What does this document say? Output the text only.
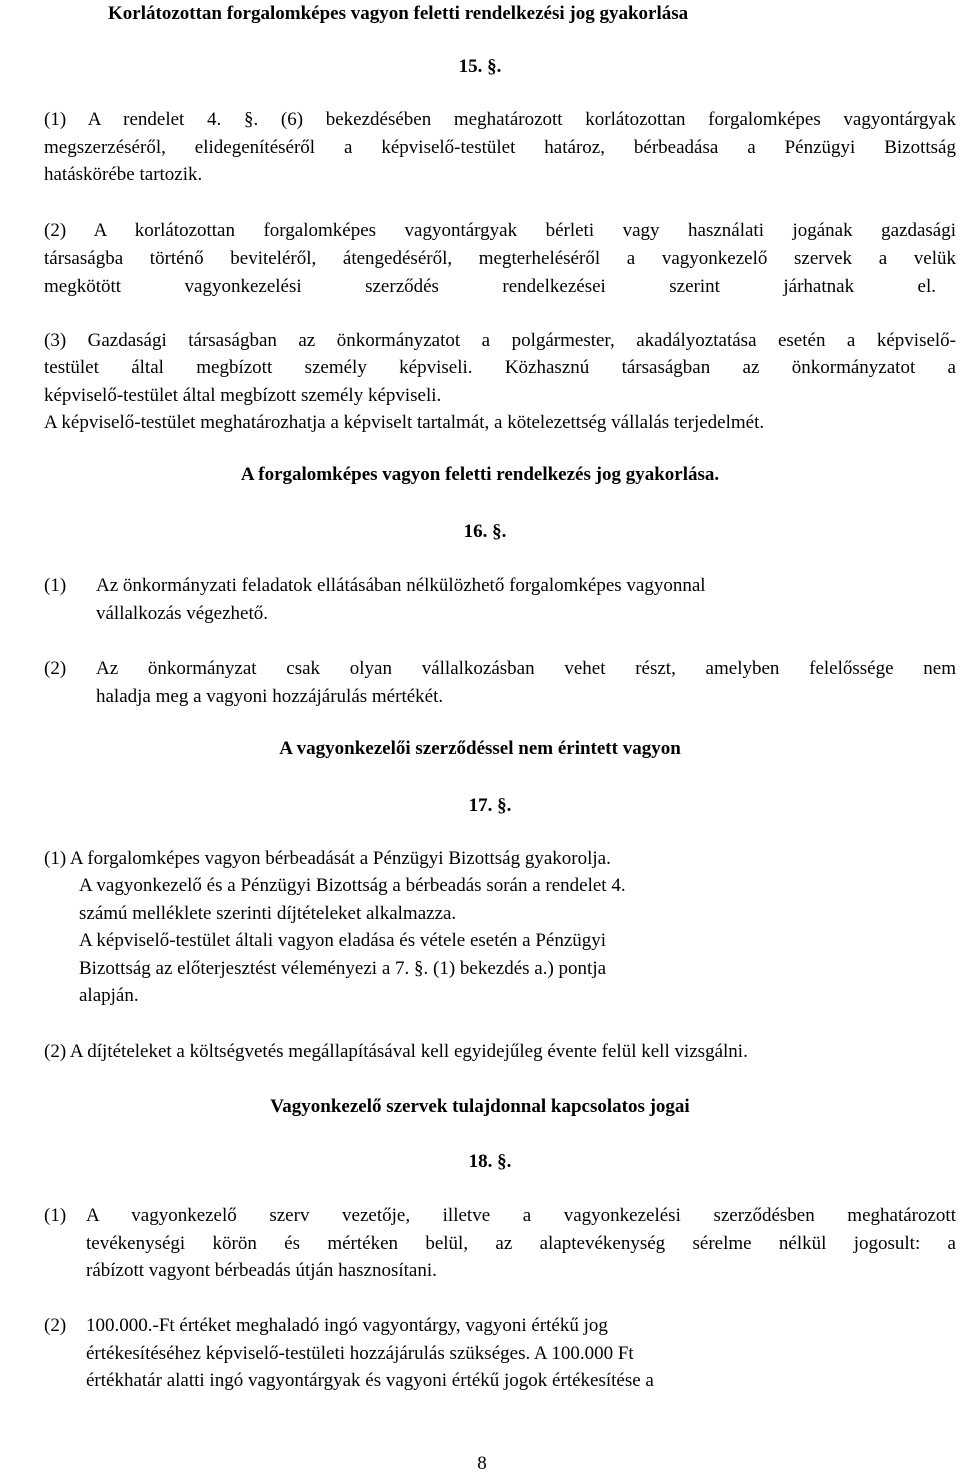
Korlátozottan forgalomképes vagyon feletti rendelkezési jog gyakorlása
15. §.
(1) A rendelet 4. §. (6) bekezdésében meghatározott korlátozottan forgalomképes vagyontárgyak
megszerzéséről, elidegenítéséről a képviselő-testület határoz, bérbeadása a Pénzügyi Bizottság
hatáskörébe tartozik.
(2) A korlátozottan forgalomképes vagyontárgyak bérleti vagy használati jogának gazdasági
társaságba történő beviteléről, átengedéséről, megterheléséről a vagyonkezelő szervek a velük
megkötött vagyonkezelési szerződés rendelkezései szerint járhatnak el.
(3) Gazdasági társaságban az önkormányzatot a polgármester, akadályoztatása esetén a képviselő-
testület által megbízott személy képviseli. Közhasznú társaságban az önkormányzatot a
képviselő-testület által megbízott személy képviseli.
A képviselő-testület meghatározhatja a képviselt tartalmát, a kötelezettség vállalás terjedelmét.
A forgalomképes vagyon feletti rendelkezés jog gyakorlása.
16. §.
(1) Az önkormányzati feladatok ellátásában nélkülözhető forgalomképes vagyonnal
vállalkozás végezhető.
(2) Az önkormányzat csak olyan vállalkozásban vehet részt, amelyben felelőssége nem
haladja meg a vagyoni hozzájárulás mértékét.
A vagyonkezelői szerződéssel nem érintett vagyon
17. §.
(1) A forgalomképes vagyon bérbeadását a Pénzügyi Bizottság gyakorolja.
A vagyonkezelő és a Pénzügyi Bizottság a bérbeadás során a rendelet 4.
számú melléklete szerinti díjtételeket alkalmazza.
A képviselő-testület általi vagyon eladása és vétele esetén a Pénzügyi
Bizottság az előterjesztést véleményezi a 7. §. (1) bekezdés a.) pontja
alapján.
(2) A díjtételeket a költségvetés megállapításával kell egyidejűleg évente felül kell vizsgálni.
Vagyonkezelő szervek tulajdonnal kapcsolatos jogai
18. §.
(1) A vagyonkezelő szerv vezetője, illetve a vagyonkezelési szerződésben meghatározott
tevékenységi körön és mértéken belül, az alaptevékenység sérelme nélkül jogosult: a
rábízott vagyont bérbeadás útján hasznosítani.
(2) 100.000.-Ft értéket meghaladó ingó vagyontárgy, vagyoni értékű jog
értékesítéséhez képviselő-testületi hozzájárulás szükséges. A 100.000 Ft
értékhatár alatti ingó vagyontárgyak és vagyoni értékű jogok értékesítése a
8
